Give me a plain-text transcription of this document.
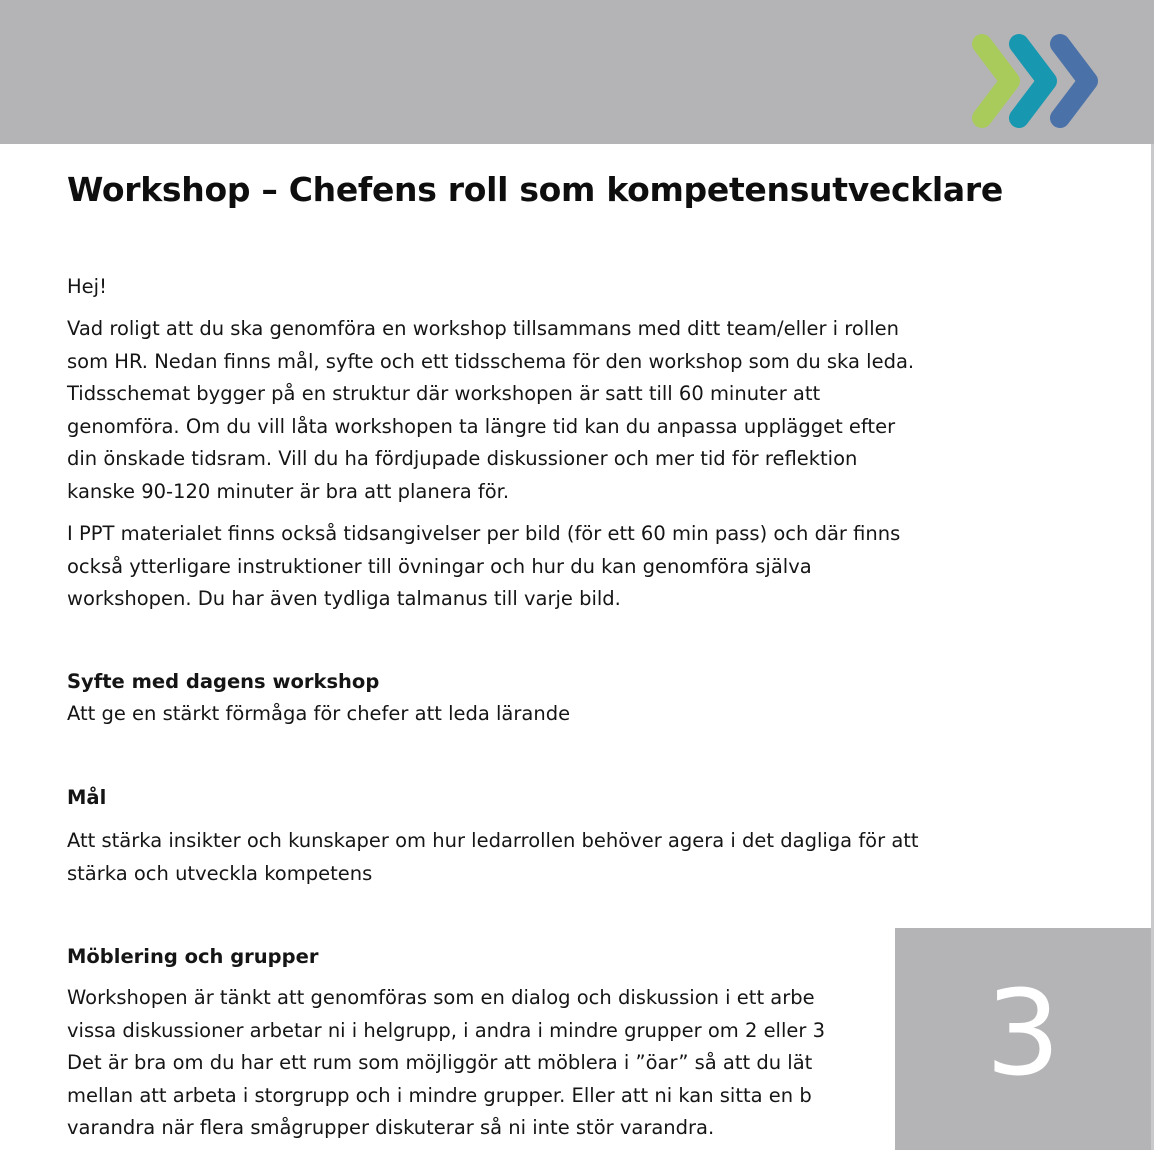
Workshop – Chefens roll som kompetensutvecklare
Hej!
Vad roligt att du ska genomföra en workshop tillsammans med ditt team/eller i rollen
som HR. Nedan finns mål, syfte och ett tidsschema för den workshop som du ska leda.
Tidsschemat bygger på en struktur där workshopen är satt till 60 minuter att
genomföra. Om du vill låta workshopen ta längre tid kan du anpassa upplägget efter
din önskade tidsram. Vill du ha fördjupade diskussioner och mer tid för reflektion
kanske 90-120 minuter är bra att planera för.
I PPT materialet finns också tidsangivelser per bild (för ett 60 min pass) och där finns
också ytterligare instruktioner till övningar och hur du kan genomföra själva
workshopen. Du har även tydliga talmanus till varje bild.
Syfte med dagens workshop
Att ge en stärkt förmåga för chefer att leda lärande
Mål
Att stärka insikter och kunskaper om hur ledarrollen behöver agera i det dagliga för att
stärka och utveckla kompetens
Möblering och grupper
Workshopen är tänkt att genomföras som en dialog och diskussion i ett arbe
vissa diskussioner arbetar ni i helgrupp, i andra i mindre grupper om 2 eller 3
Det är bra om du har ett rum som möjliggör att möblera i ”öar” så att du lät
mellan att arbeta i storgrupp och i mindre grupper. Eller att ni kan sitta en b
varandra när flera smågrupper diskuterar så ni inte stör varandra.
3
